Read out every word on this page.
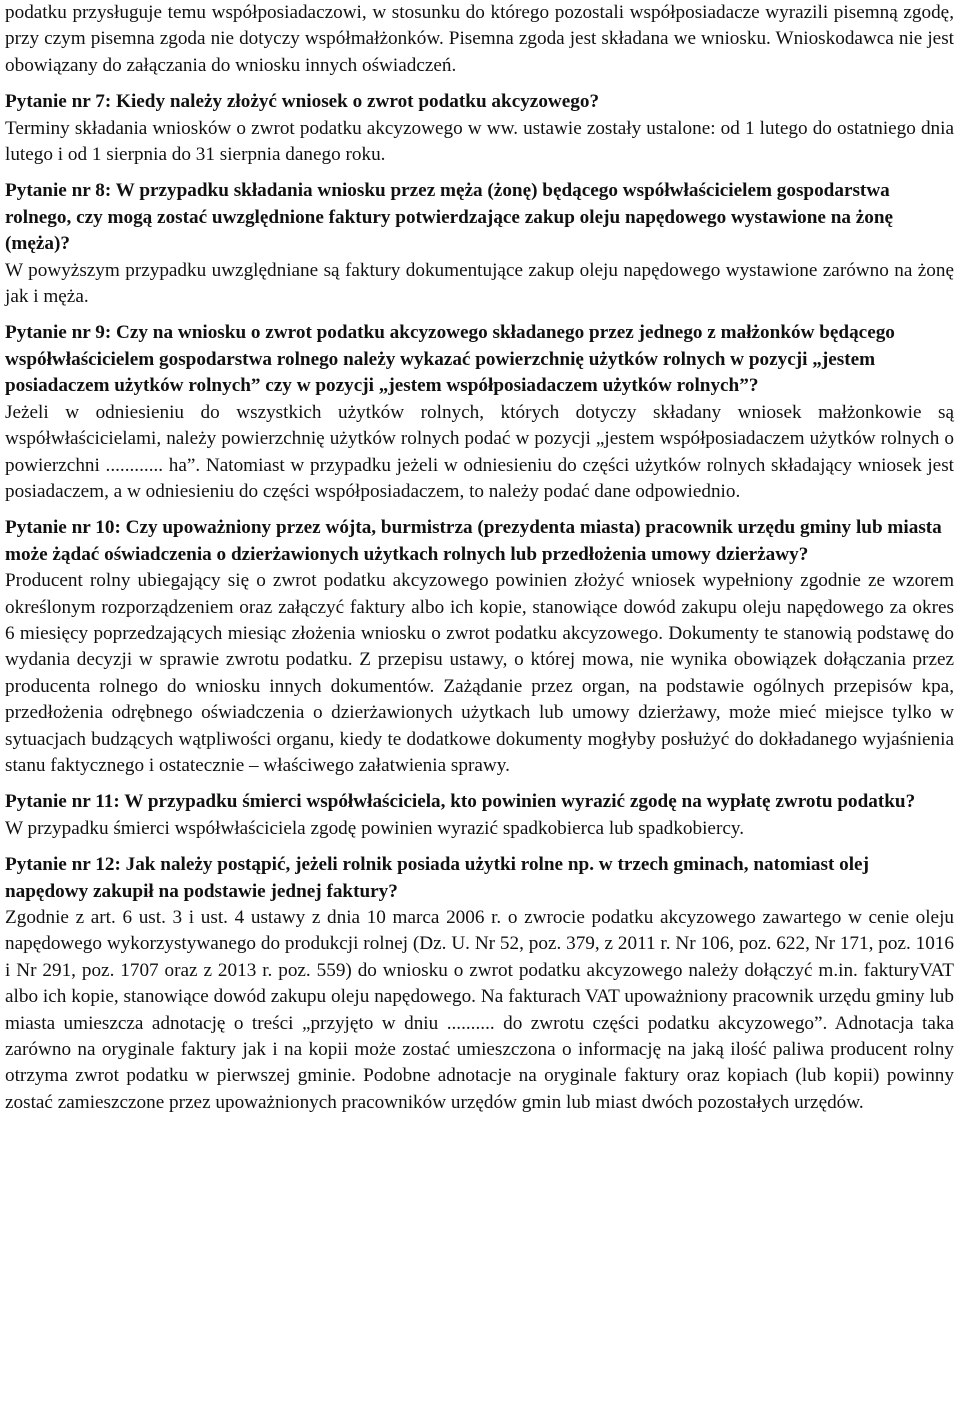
podatku przysługuje temu współposiadaczowi, w stosunku do którego pozostali współposiadacze wyrazili pisemną zgodę, przy czym pisemna zgoda nie dotyczy współmałżonków. Pisemna zgoda jest składana we wniosku. Wnioskodawca nie jest obowiązany do załączania do wniosku innych oświadczeń.

Pytanie nr 7: Kiedy należy złożyć wniosek o zwrot podatku akcyzowego?

Terminy składania wniosków o zwrot podatku akcyzowego w ww. ustawie zostały ustalone: od 1 lutego do ostatniego dnia lutego i od 1 sierpnia do 31 sierpnia danego roku.

Pytanie nr 8: W przypadku składania wniosku przez męża (żonę) będącego współwłaścicielem gospodarstwa rolnego, czy mogą zostać uwzględnione faktury potwierdzające zakup oleju napędowego wystawione na żonę (męża)?

W powyższym przypadku uwzględniane są faktury dokumentujące zakup oleju napędowego wystawione zarówno na żonę jak i męża.

Pytanie nr 9: Czy na wniosku o zwrot podatku akcyzowego składanego przez jednego z małżonków będącego współwłaścicielem gospodarstwa rolnego należy wykazać powierzchnię użytków rolnych w pozycji „jestem posiadaczem użytków rolnych” czy w pozycji „jestem współposiadaczem użytków rolnych”?

Jeżeli w odniesieniu do wszystkich użytków rolnych, których dotyczy składany wniosek małżonkowie są współwłaścicielami, należy powierzchnię użytków rolnych podać w pozycji „jestem współposiadaczem użytków rolnych o powierzchni ............ ha”. Natomiast w przypadku jeżeli w odniesieniu do części użytków rolnych składający wniosek jest posiadaczem, a w odniesieniu do części współposiadaczem, to należy podać dane odpowiednio.

Pytanie nr 10: Czy upoważniony przez wójta, burmistrza (prezydenta miasta) pracownik urzędu gminy lub miasta może żądać oświadczenia o dzierżawionych użytkach rolnych lub przedłożenia umowy dzierżawy?

Producent rolny ubiegający się o zwrot podatku akcyzowego powinien złożyć wniosek wypełniony zgodnie ze wzorem określonym rozporządzeniem oraz załączyć faktury albo ich kopie, stanowiące dowód zakupu oleju napędowego za okres 6 miesięcy poprzedzających miesiąc złożenia wniosku o zwrot podatku akcyzowego. Dokumenty te stanowią podstawę do wydania decyzji w sprawie zwrotu podatku. Z przepisu ustawy, o której mowa, nie wynika obowiązek dołączania przez producenta rolnego do wniosku innych dokumentów. Zażądanie przez organ, na podstawie ogólnych przepisów kpa, przedłożenia odrębnego oświadczenia o dzierżawionych użytkach lub umowy dzierżawy, może mieć miejsce tylko w sytuacjach budzących wątpliwości organu, kiedy te dodatkowe dokumenty mogłyby posłużyć do dokładanego wyjaśnienia stanu faktycznego i ostatecznie – właściwego załatwienia sprawy.

Pytanie nr 11: W przypadku śmierci współwłaściciela, kto powinien wyrazić zgodę na wypłatę zwrotu podatku?

W przypadku śmierci współwłaściciela zgodę powinien wyrazić spadkobierca lub spadkobiercy.

Pytanie nr 12: Jak należy postąpić, jeżeli rolnik posiada użytki rolne np. w trzech gminach, natomiast olej napędowy zakupił na podstawie jednej faktury?

Zgodnie z art. 6 ust. 3 i ust. 4 ustawy z dnia 10 marca 2006 r. o zwrocie podatku akcyzowego zawartego w cenie oleju napędowego wykorzystywanego do produkcji rolnej (Dz. U. Nr 52, poz. 379, z 2011 r. Nr 106, poz. 622, Nr 171, poz. 1016 i Nr 291, poz. 1707 oraz z 2013 r. poz. 559) do wniosku o zwrot podatku akcyzowego należy dołączyć m.in. fakturyVAT albo ich kopie, stanowiące dowód zakupu oleju napędowego. Na fakturach VAT upoważniony pracownik urzędu gminy lub miasta umieszcza adnotację o treści „przyjęto w dniu .......... do zwrotu części podatku akcyzowego”. Adnotacja taka zarówno na oryginale faktury jak i na kopii może zostać umieszczona o informację na jaką ilość paliwa producent rolny otrzyma zwrot podatku w pierwszej gminie. Podobne adnotacje na oryginale faktury oraz kopiach (lub kopii) powinny zostać zamieszczone przez upoważnionych pracowników urzędów gmin lub miast dwóch pozostałych urzędów.
